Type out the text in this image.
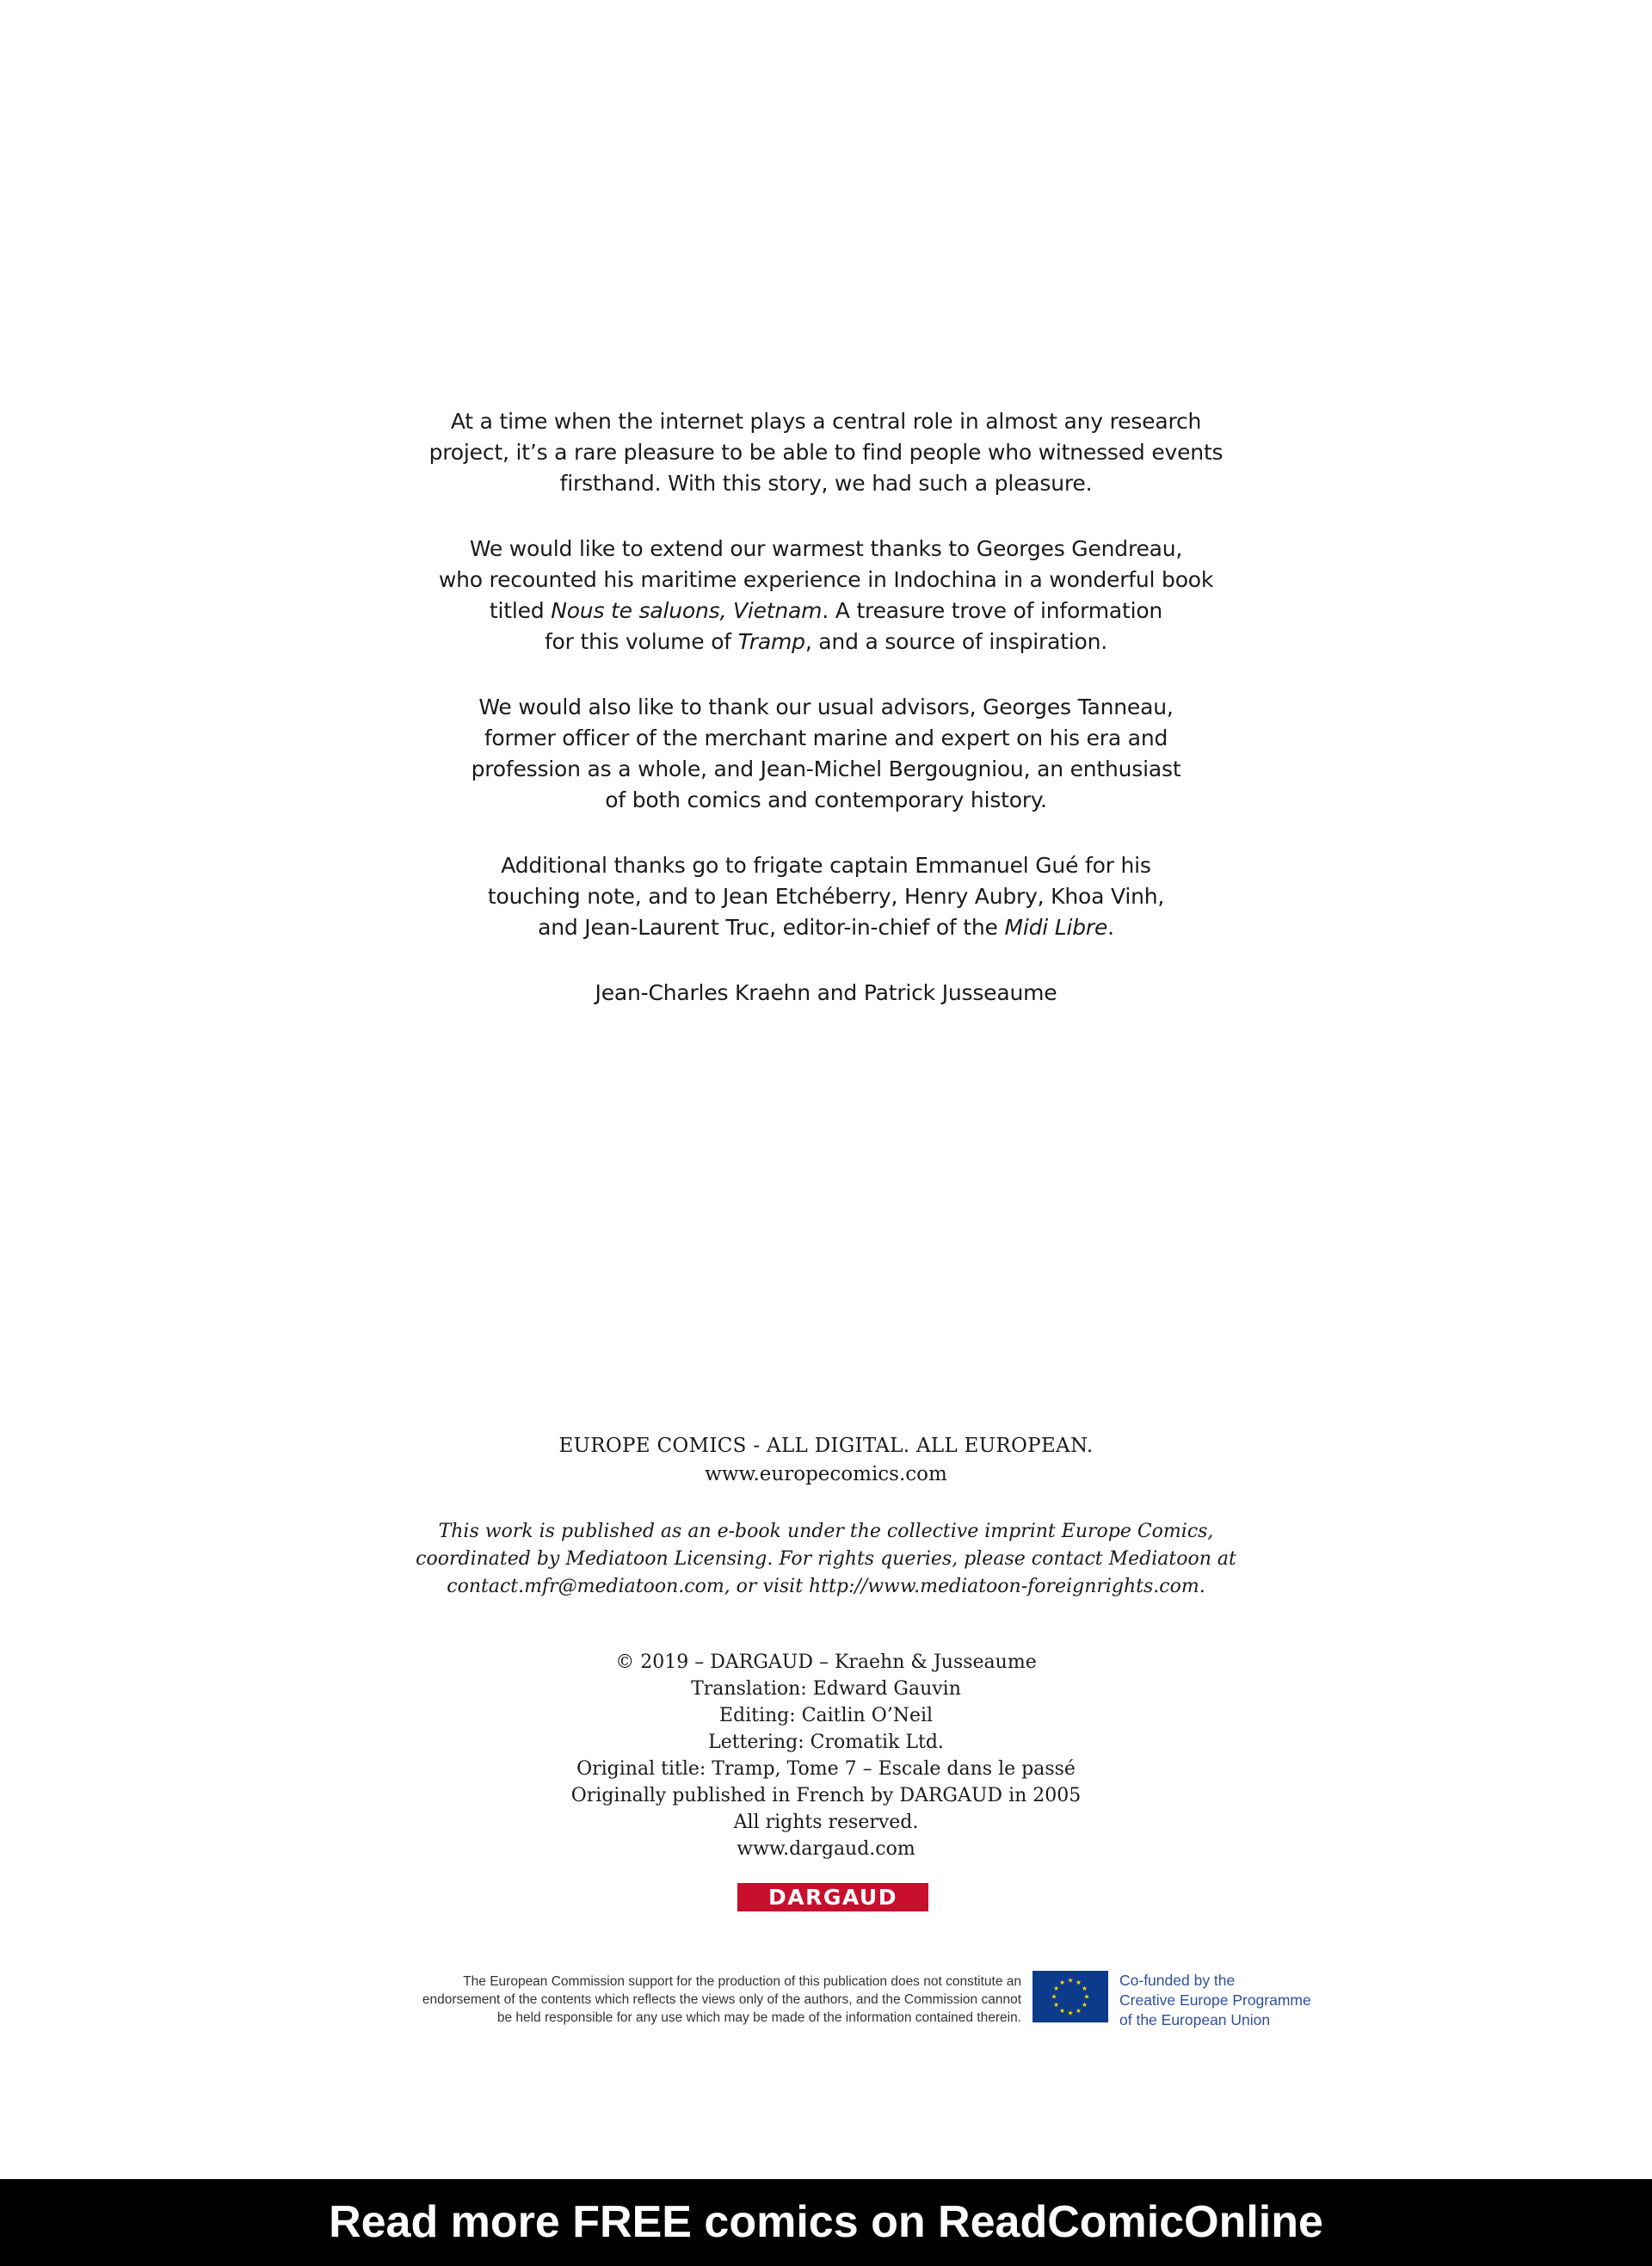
At a time when the internet plays a central role in almost any research
project, it’s a rare pleasure to be able to find people who witnessed events
firsthand. With this story, we had such a pleasure.

We would like to extend our warmest thanks to Georges Gendreau,
who recounted his maritime experience in Indochina in a wonderful book
titled Nous te saluons, Vietnam. A treasure trove of information
for this volume of Tramp, and a source of inspiration.

We would also like to thank our usual advisors, Georges Tanneau,
former officer of the merchant marine and expert on his era and
profession as a whole, and Jean-Michel Bergougniou, an enthusiast
of both comics and contemporary history.

Additional thanks go to frigate captain Emmanuel Gué for his
touching note, and to Jean Etchéberry, Henry Aubry, Khoa Vinh,
and Jean-Laurent Truc, editor-in-chief of the Midi Libre.

Jean-Charles Kraehn and Patrick Jusseaume

EUROPE COMICS - ALL DIGITAL. ALL EUROPEAN.
www.europecomics.com
This work is published as an e-book under the collective imprint Europe Comics,
coordinated by Mediatoon Licensing. For rights queries, please contact Mediatoon at
contact.mfr@mediatoon.com, or visit http://www.mediatoon-foreignrights.com.
© 2019 – DARGAUD – Kraehn & Jusseaume
Translation: Edward Gauvin
Editing: Caitlin O’Neil
Lettering: Cromatik Ltd.
Original title: Tramp, Tome 7 – Escale dans le passé
Originally published in French by DARGAUD in 2005
All rights reserved.
www.dargaud.com
DARGAUD
The European Commission support for the production of this publication does not constitute an
endorsement of the contents which reflects the views only of the authors, and the Commission cannot
be held responsible for any use which may be made of the information contained therein.
Co-funded by the
Creative Europe Programme
of the European Union
Read more FREE comics on ReadComicOnline
